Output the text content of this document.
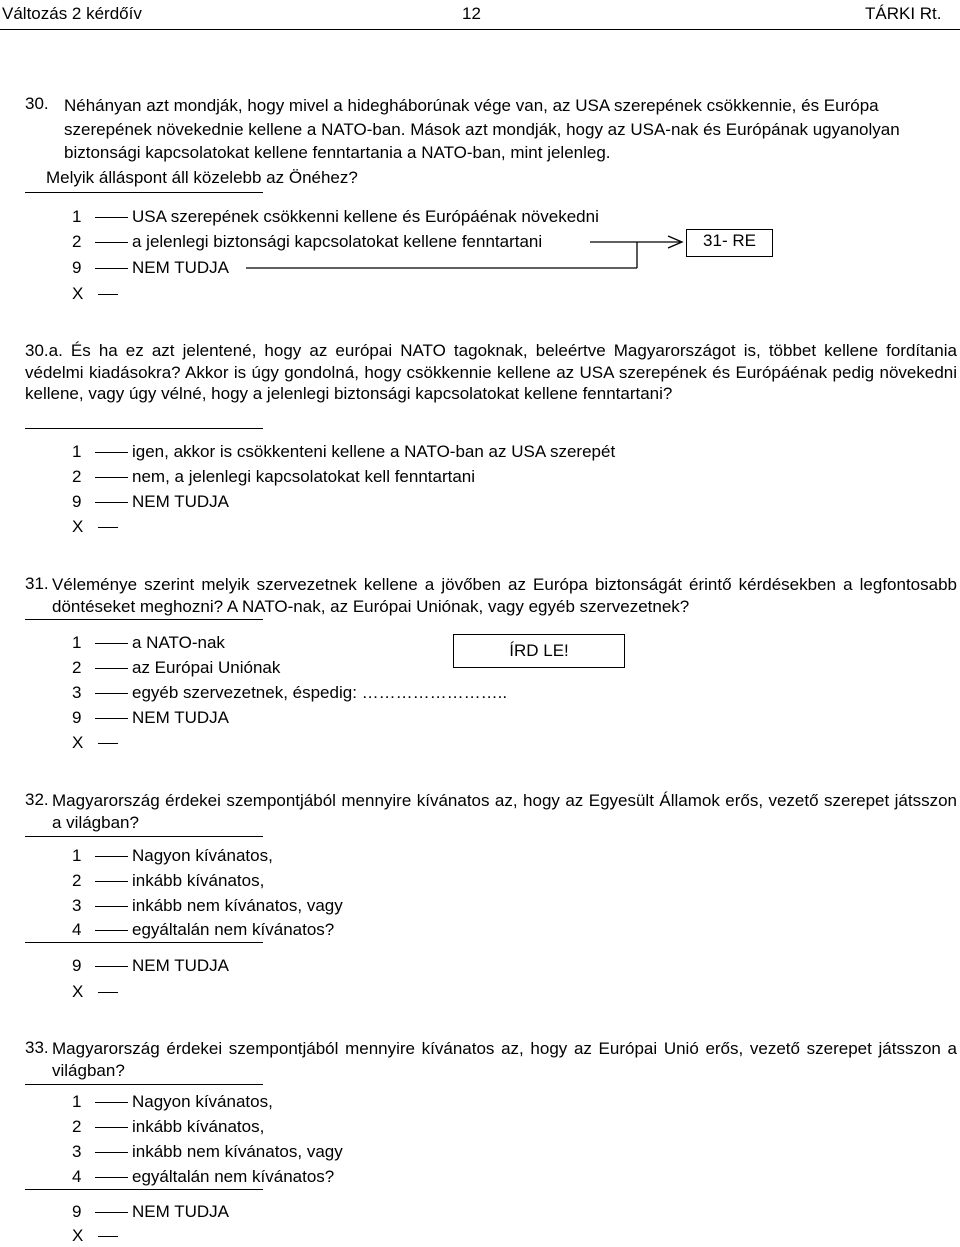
Változás 2 kérdőív	12	TÁRKI Rt.
30. Néhányan azt mondják, hogy mivel a hidegháborúnak vége van, az USA szerepének csökkennie, és Európa szerepének növekednie kellene a NATO-ban. Mások azt mondják, hogy az USA-nak és Európának ugyanolyan biztonsági kapcsolatokat kellene fenntartania a NATO-ban, mint jelenleg.
Melyik álláspont áll közelebb az Önéhez?
1	USA szerepének csökkenni kellene és Európáénak növekedni
2	a jelenlegi biztonsági kapcsolatokat kellene fenntartani
9	NEM TUDJA
X
31- RE
30.a. És ha ez azt jelentené, hogy az európai NATO tagoknak, beleértve Magyarországot is, többet kellene fordítania védelmi kiadásokra? Akkor is úgy gondolná, hogy csökkennie kellene az USA szerepének és Európáénak pedig növekedni kellene, vagy úgy vélné, hogy a jelenlegi biztonsági kapcsolatokat kellene fenntartani?
1	igen, akkor is csökkenteni kellene a NATO-ban az USA szerepét
2	nem, a jelenlegi kapcsolatokat kell fenntartani
9	NEM TUDJA
X
31. Véleménye szerint melyik szervezetnek kellene a jövőben az Európa biztonságát érintő kérdésekben a legfontosabb döntéseket meghozni? A NATO-nak, az Európai Uniónak, vagy egyéb szervezetnek?
1	a NATO-nak
2	az Európai Uniónak
3	egyéb szervezetnek, éspedig: ……………………..
9	NEM TUDJA
X
ÍRD LE!
32. Magyarország érdekei szempontjából mennyire kívánatos az, hogy az Egyesült Államok erős, vezető szerepet játsszon a világban?
1	Nagyon kívánatos,
2	inkább kívánatos,
3	inkább nem kívánatos, vagy
4	egyáltalán nem kívánatos?
9	NEM TUDJA
X
33. Magyarország érdekei szempontjából mennyire kívánatos az, hogy az Európai Unió erős, vezető szerepet játsszon a világban?
1	Nagyon kívánatos,
2	inkább kívánatos,
3	inkább nem kívánatos, vagy
4	egyáltalán nem kívánatos?
9	NEM TUDJA
X
